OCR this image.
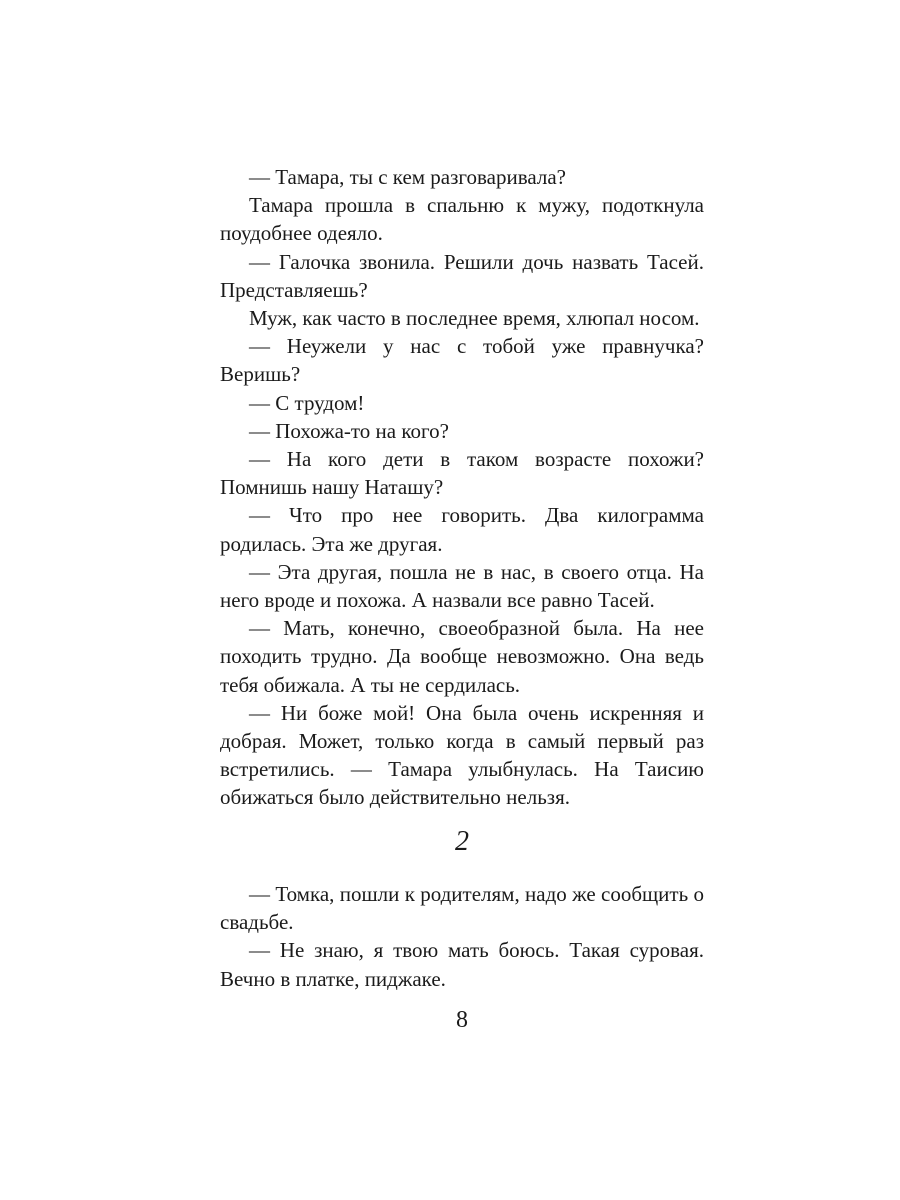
— Тамара, ты с кем разговаривала?

Тамара прошла в спальню к мужу, подоткнула поудобнее одеяло.

— Галочка звонила. Решили дочь назвать Тасей. Представляешь?

Муж, как часто в последнее время, хлюпал носом.

— Неужели у нас с тобой уже правнучка? Веришь?

— С трудом!

— Похожа-то на кого?

— На кого дети в таком возрасте похожи? Помнишь нашу Наташу?

— Что про нее говорить. Два килограмма родилась. Эта же другая.

— Эта другая, пошла не в нас, в своего отца. На него вроде и похожа. А назвали все равно Тасей.

— Мать, конечно, своеобразной была. На нее походить трудно. Да вообще невозможно. Она ведь тебя обижала. А ты не сердилась.

— Ни боже мой! Она была очень искренняя и добрая. Может, только когда в самый первый раз встретились. — Тамара улыбнулась. На Таисию обижаться было действительно нельзя.

2

— Томка, пошли к родителям, надо же сообщить о свадьбе.

— Не знаю, я твою мать боюсь. Такая суровая. Вечно в платке, пиджаке.

8
